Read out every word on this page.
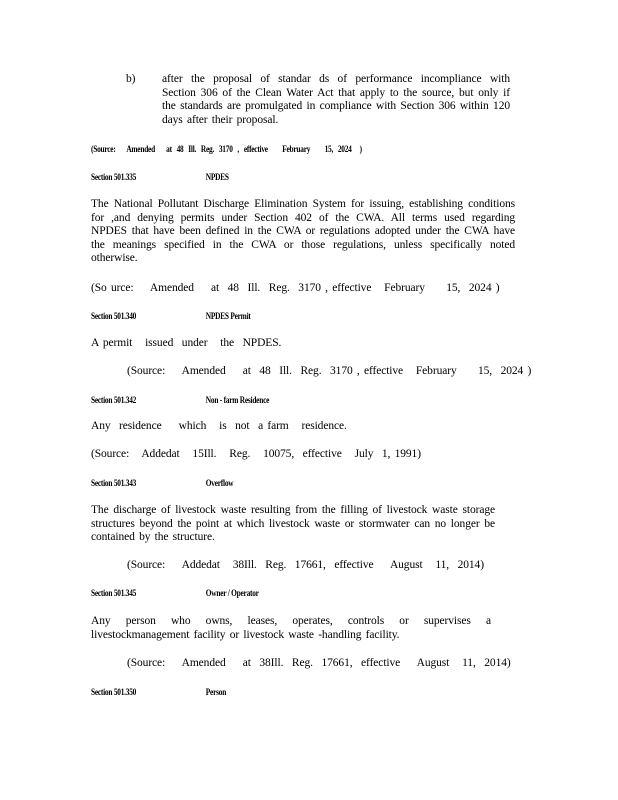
b) after the proposal of standar ds of performance incompliance with Section 306 of the Clean Water Act that apply to the source, but only if the standards are promulgated in compliance with Section 306 within 120 days after their proposal.

(Source:       Amended       at   48   Ill.   Reg.   3170   ,   effective         February         15,   2024     )
Section 501.335	NPDES

The National Pollutant Discharge Elimination System for issuing, establishing conditions for ,and denying permits under Section 402 of the CWA. All terms used regarding NPDES that have been defined in the CWA or regulations adopted under the CWA have the meanings specified in the CWA or those regulations, unless specifically noted otherwise.

(So urce:    Amended    at  48  Ill.  Reg.  3170 , effective   February     15,  2024 )

Section 501.340	NPDES Permit

A permit   issued  under   the  NPDES.

(Source:    Amended    at  48  Ill.  Reg.  3170 , effective   February     15,  2024 )

Section 501.342	Non - farm Residence

Any  residence    which   is  not  a farm   residence.

(Source:   Addedat   15Ill.   Reg.   10075,  effective   July  1, 1991)

Section 501.343	Overflow

The discharge of livestock waste resulting from the filling of livestock waste storage structures beyond the point at which livestock waste or stormwater can no longer be contained by the structure.

(Source:    Addedat   38Ill.  Reg.  17661,  effective    August   11,  2014)

Section 501.345	Owner / Operator

Any person who owns, leases, operates, controls or supervises a livestockmanagement facility or livestock waste -handling facility.

(Source:    Amended    at  38Ill.  Reg.  17661,  effective    August   11,  2014)

Section 501.350	Person
